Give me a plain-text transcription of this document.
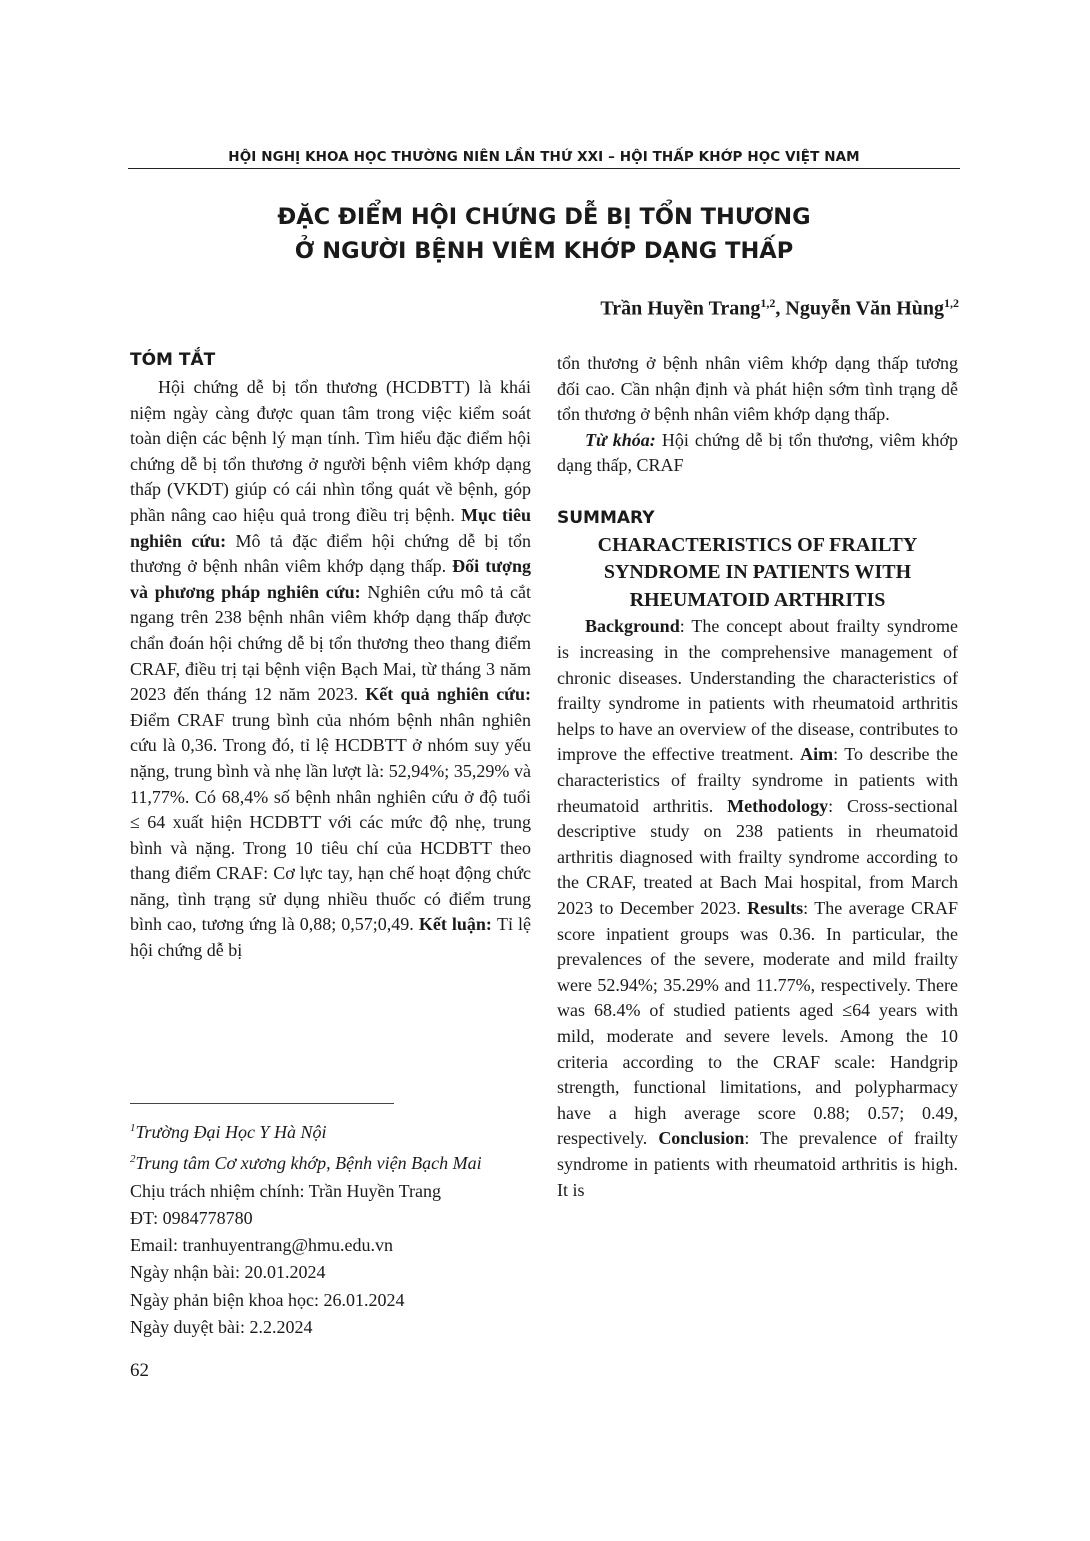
HỘI NGHỊ KHOA HỌC THƯỜNG NIÊN LẦN THỨ XXI – HỘI THẤP KHỚP HỌC VIỆT NAM
ĐẶC ĐIỂM HỘI CHỨNG DỄ BỊ TỔN THƯƠNG
Ở NGƯỜI BỆNH VIÊM KHỚP DẠNG THẤP
Trần Huyền Trang$^{1,2}$, Nguyễn Văn Hùng$^{1,2}$
TÓM TẮT

Hội chứng dễ bị tổn thương (HCDBTT) là khái niệm ngày càng được quan tâm trong việc kiểm soát toàn diện các bệnh lý mạn tính. Tìm hiểu đặc điểm hội chứng dễ bị tổn thương ở người bệnh viêm khớp dạng thấp (VKDT) giúp có cái nhìn tổng quát về bệnh, góp phần nâng cao hiệu quả trong điều trị bệnh. Mục tiêu nghiên cứu: Mô tả đặc điểm hội chứng dễ bị tổn thương ở bệnh nhân viêm khớp dạng thấp. Đối tượng và phương pháp nghiên cứu: Nghiên cứu mô tả cắt ngang trên 238 bệnh nhân viêm khớp dạng thấp được chẩn đoán hội chứng dễ bị tổn thương theo thang điểm CRAF, điều trị tại bệnh viện Bạch Mai, từ tháng 3 năm 2023 đến tháng 12 năm 2023. Kết quả nghiên cứu: Điểm CRAF trung bình của nhóm bệnh nhân nghiên cứu là 0,36. Trong đó, tỉ lệ HCDBTT ở nhóm suy yếu nặng, trung bình và nhẹ lần lượt là: 52,94%; 35,29% và 11,77%. Có 68,4% số bệnh nhân nghiên cứu ở độ tuổi ≤ 64 xuất hiện HCDBTT với các mức độ nhẹ, trung bình và nặng. Trong 10 tiêu chí của HCDBTT theo thang điểm CRAF: Cơ lực tay, hạn chế hoạt động chức năng, tình trạng sử dụng nhiều thuốc có điểm trung bình cao, tương ứng là 0,88; 0,57;0,49. Kết luận: Tỉ lệ hội chứng dễ bị

tổn thương ở bệnh nhân viêm khớp dạng thấp tương đối cao. Cần nhận định và phát hiện sớm tình trạng dễ tổn thương ở bệnh nhân viêm khớp dạng thấp.

Từ khóa: Hội chứng dễ bị tổn thương, viêm khớp dạng thấp, CRAF

SUMMARY
CHARACTERISTICS OF FRAILTY
SYNDROME IN PATIENTS WITH
RHEUMATOID ARTHRITIS

Background: The concept about frailty syndrome is increasing in the comprehensive management of chronic diseases. Understanding the characteristics of frailty syndrome in patients with rheumatoid arthritis helps to have an overview of the disease, contributes to improve the effective treatment. Aim: To describe the characteristics of frailty syndrome in patients with rheumatoid arthritis. Methodology: Cross-sectional descriptive study on 238 patients in rheumatoid arthritis diagnosed with frailty syndrome according to the CRAF, treated at Bach Mai hospital, from March 2023 to December 2023. Results: The average CRAF score inpatient groups was 0.36. In particular, the prevalences of the severe, moderate and mild frailty were 52.94%; 35.29% and 11.77%, respectively. There was 68.4% of studied patients aged ≤64 years with mild, moderate and severe levels. Among the 10 criteria according to the CRAF scale: Handgrip strength, functional limitations, and polypharmacy have a high average score 0.88; 0.57; 0.49, respectively. Conclusion: The prevalence of frailty syndrome in patients with rheumatoid arthritis is high. It is

$^1$Trường Đại Học Y Hà Nội
$^2$Trung tâm Cơ xương khớp, Bệnh viện Bạch Mai
Chịu trách nhiệm chính: Trần Huyền Trang
ĐT: 0984778780
Email: tranhuyentrang@hmu.edu.vn
Ngày nhận bài: 20.01.2024
Ngày phản biện khoa học: 26.01.2024
Ngày duyệt bài: 2.2.2024
62
